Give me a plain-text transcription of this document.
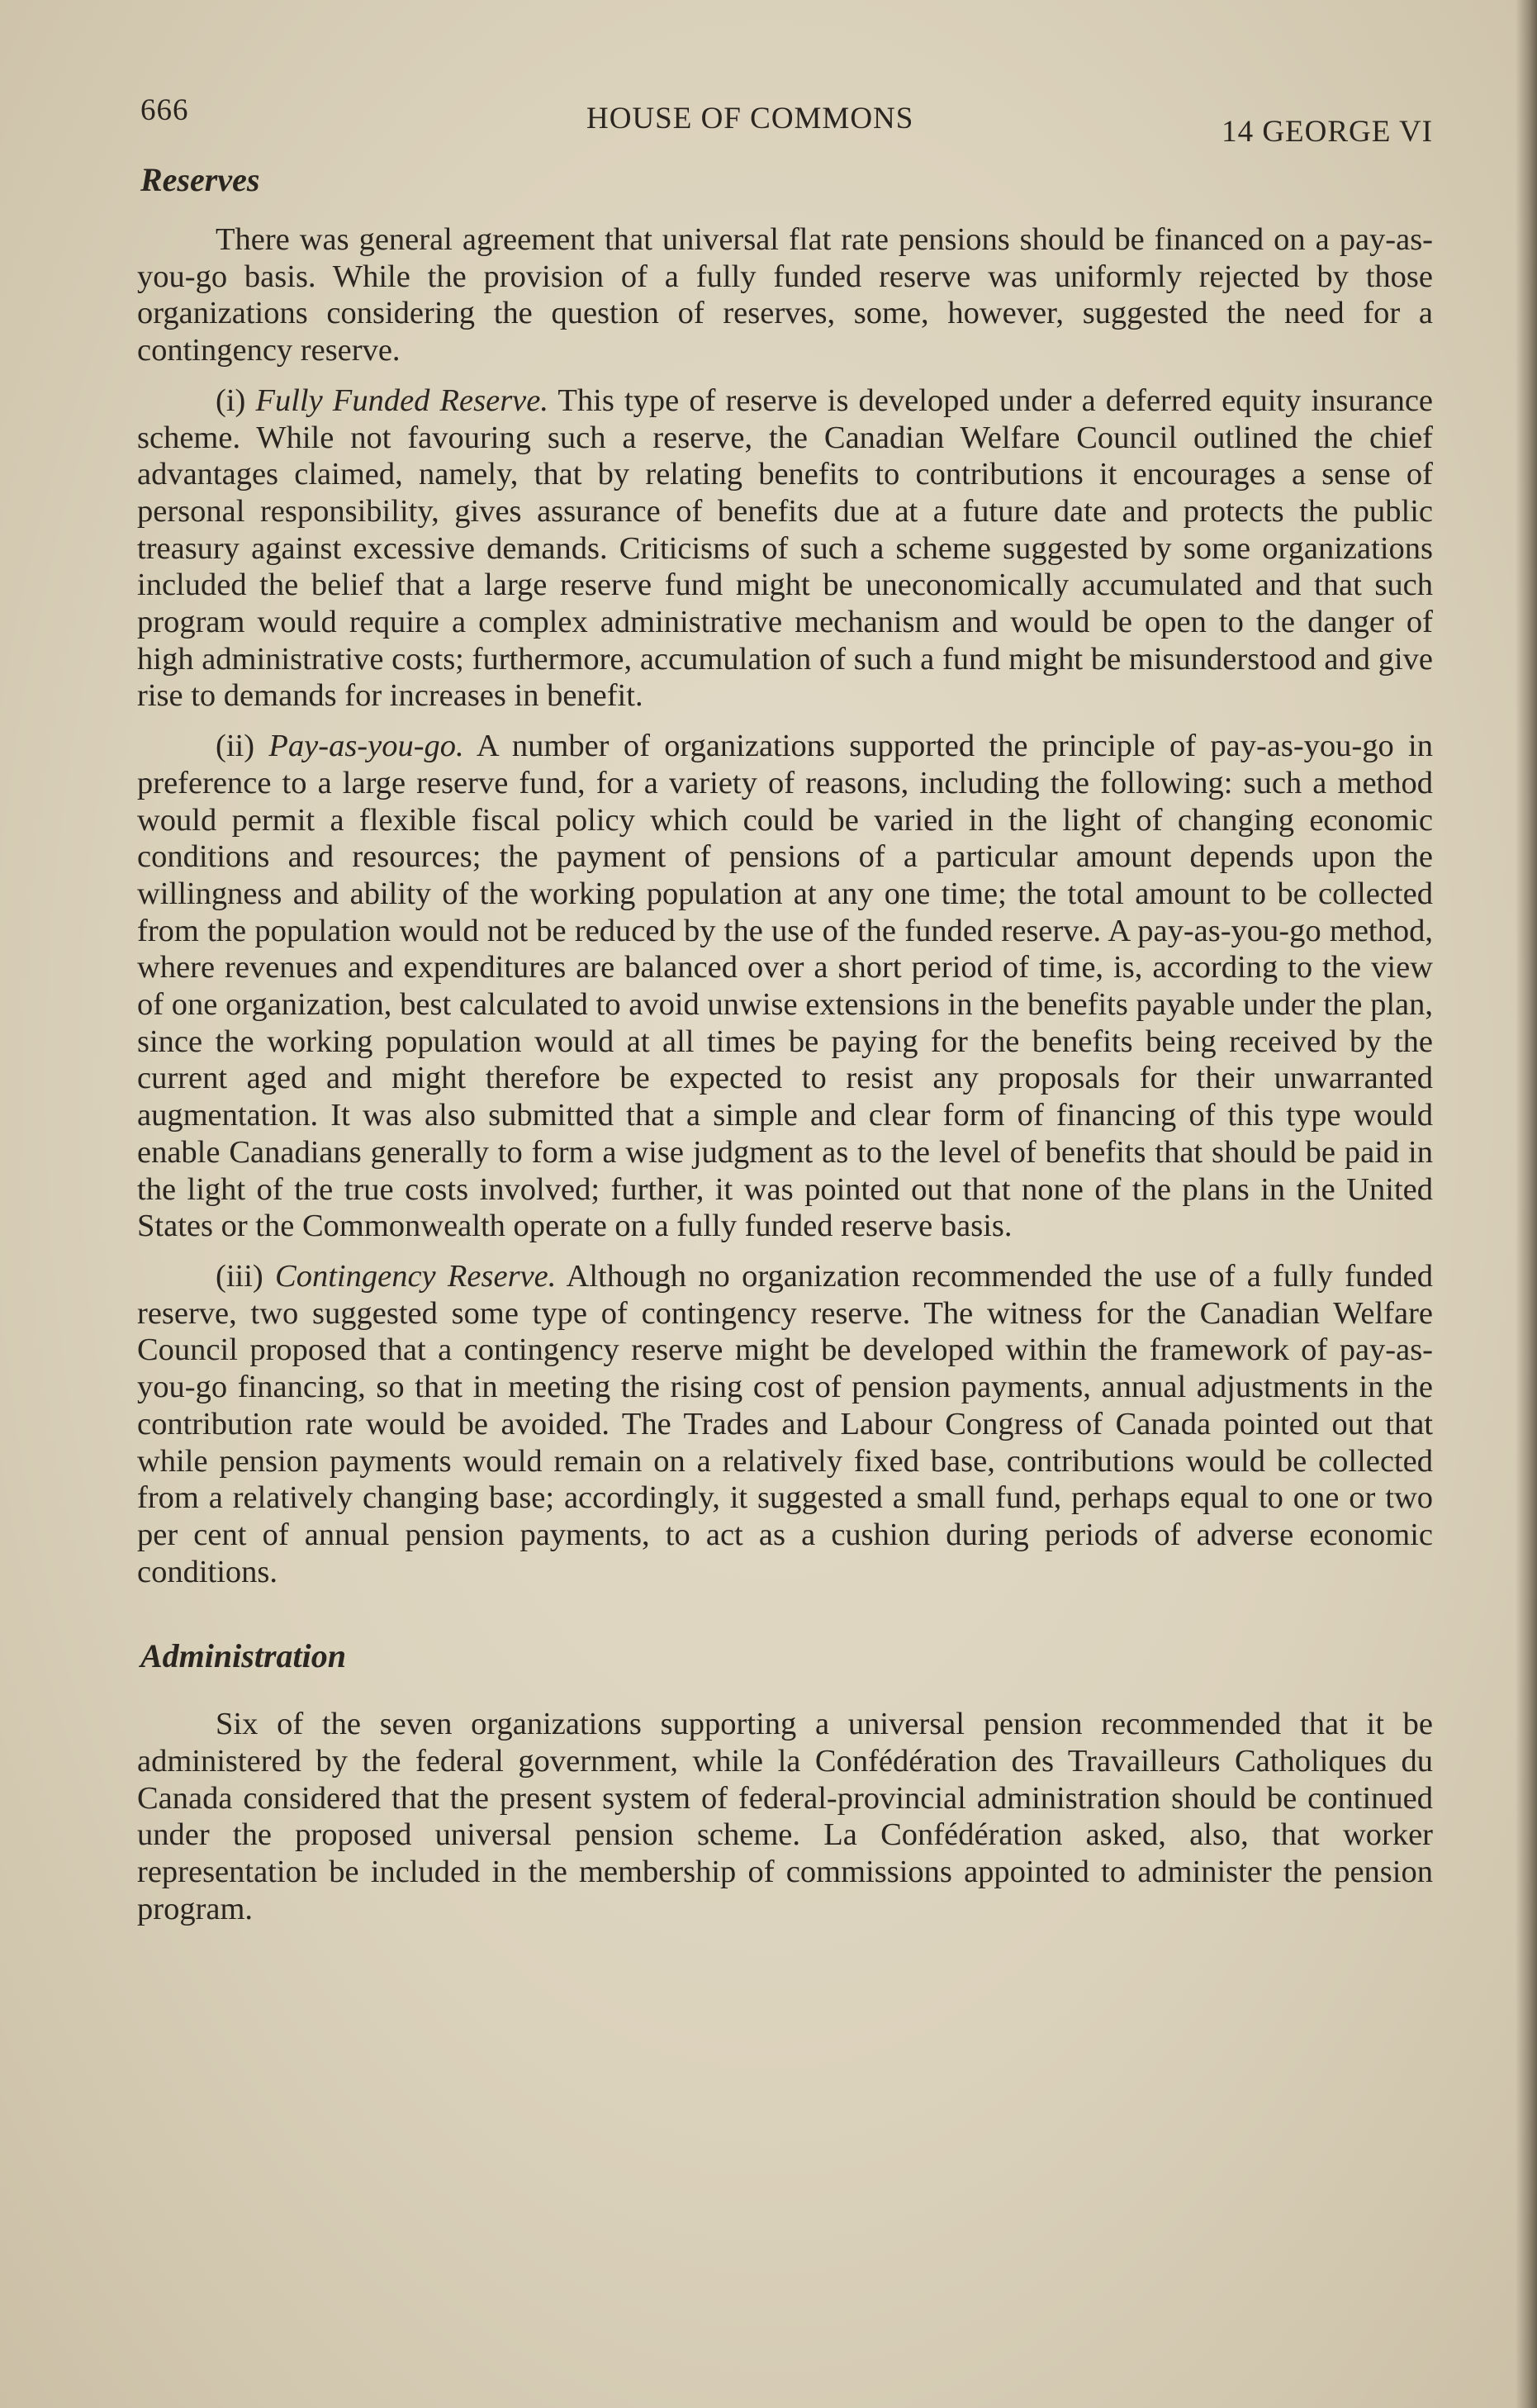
666	HOUSE OF COMMONS	14 GEORGE VI
Reserves

There was general agreement that universal flat rate pensions should be financed on a pay-as-you-go basis. While the provision of a fully funded reserve was uniformly rejected by those organizations considering the question of reserves, some, however, suggested the need for a contingency reserve.

(i) Fully Funded Reserve. This type of reserve is developed under a deferred equity insurance scheme. While not favouring such a reserve, the Canadian Welfare Council outlined the chief advantages claimed, namely, that by relating benefits to contributions it encourages a sense of personal responsibility, gives assurance of benefits due at a future date and protects the public treasury against excessive demands. Criticisms of such a scheme suggested by some organizations included the belief that a large reserve fund might be uneconomically accumulated and that such program would require a complex administrative mechanism and would be open to the danger of high administrative costs; furthermore, accumulation of such a fund might be misunderstood and give rise to demands for increases in benefit.

(ii) Pay-as-you-go. A number of organizations supported the principle of pay-as-you-go in preference to a large reserve fund, for a variety of reasons, including the following: such a method would permit a flexible fiscal policy which could be varied in the light of changing economic conditions and resources; the payment of pensions of a particular amount depends upon the willingness and ability of the working population at any one time; the total amount to be collected from the population would not be reduced by the use of the funded reserve. A pay-as-you-go method, where revenues and expenditures are balanced over a short period of time, is, according to the view of one organization, best calculated to avoid unwise extensions in the benefits payable under the plan, since the working population would at all times be paying for the benefits being received by the current aged and might therefore be expected to resist any proposals for their unwarranted augmentation. It was also submitted that a simple and clear form of financing of this type would enable Canadians generally to form a wise judgment as to the level of benefits that should be paid in the light of the true costs involved; further, it was pointed out that none of the plans in the United States or the Commonwealth operate on a fully funded reserve basis.

(iii) Contingency Reserve. Although no organization recommended the use of a fully funded reserve, two suggested some type of contingency reserve. The witness for the Canadian Welfare Council proposed that a contingency reserve might be developed within the framework of pay-as-you-go financing, so that in meeting the rising cost of pension payments, annual adjustments in the contribution rate would be avoided. The Trades and Labour Congress of Canada pointed out that while pension payments would remain on a relatively fixed base, contributions would be collected from a relatively changing base; accordingly, it suggested a small fund, perhaps equal to one or two per cent of annual pension payments, to act as a cushion during periods of adverse economic conditions.

Administration

Six of the seven organizations supporting a universal pension recommended that it be administered by the federal government, while la Confédération des Travailleurs Catholiques du Canada considered that the present system of federal-provincial administration should be continued under the proposed universal pension scheme. La Confédération asked, also, that worker representation be included in the membership of commissions appointed to administer the pension program.
